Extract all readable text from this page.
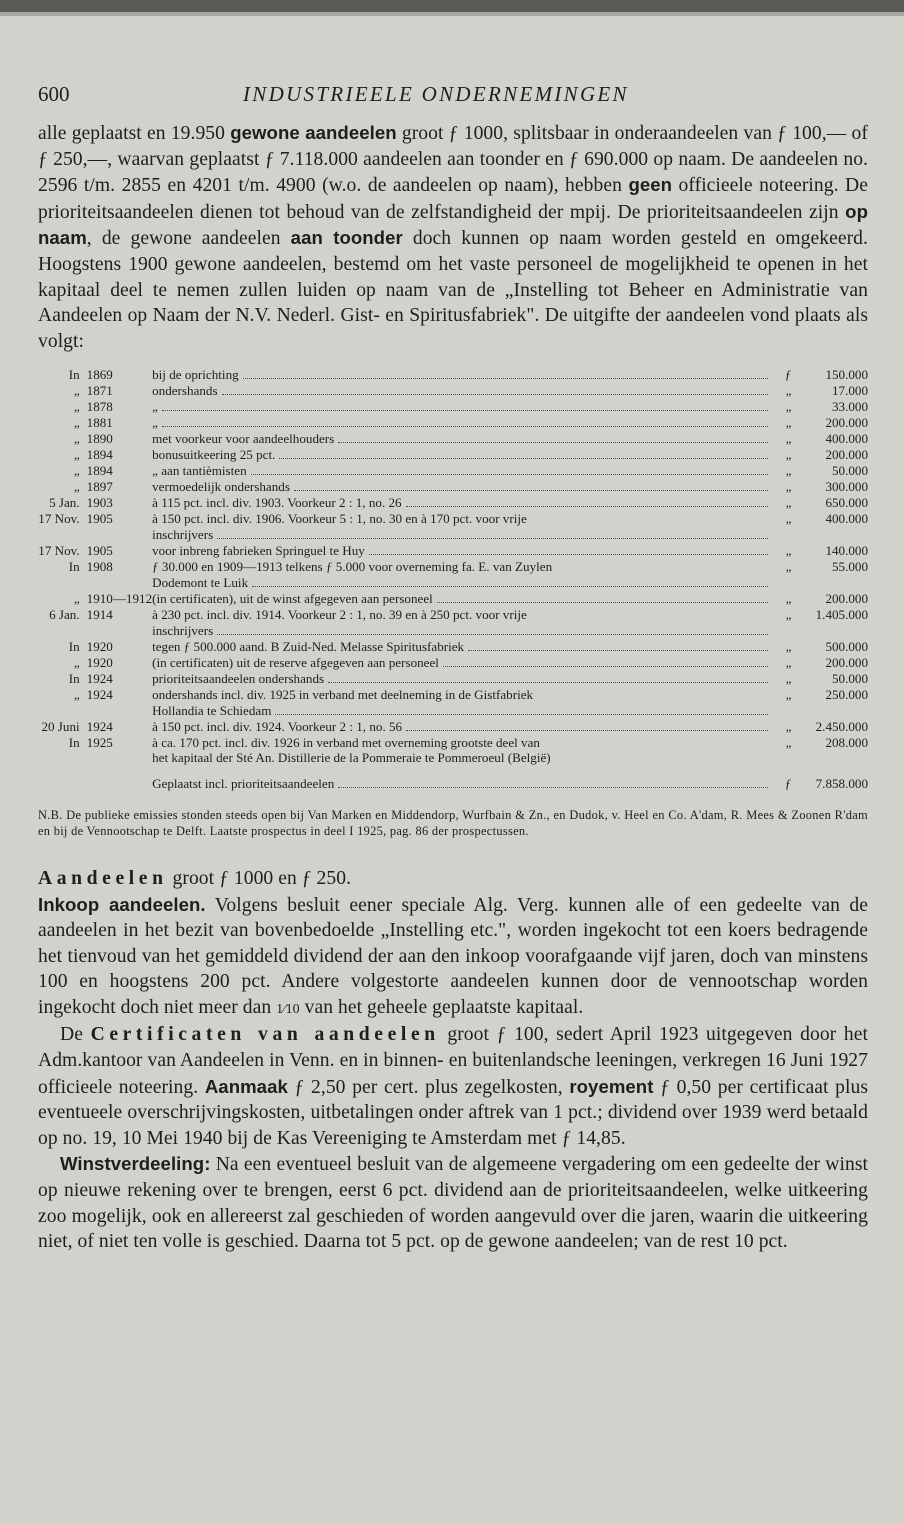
600	INDUSTRIEELE ONDERNEMINGEN

alle geplaatst en 19.950 gewone aandeelen groot ƒ 1000, splitsbaar in onderaandeelen van ƒ 100,— of ƒ 250,—, waarvan geplaatst ƒ 7.118.000 aandeelen aan toonder en ƒ 690.000 op naam. De aandeelen no. 2596 t/m. 2855 en 4201 t/m. 4900 (w.o. de aandeelen op naam), hebben geen officieele noteering. De prioriteitsaandeelen dienen tot behoud van de zelfstandigheid der mpij. De prioriteitsaandeelen zijn op naam, de gewone aandeelen aan toonder doch kunnen op naam worden gesteld en omgekeerd. Hoogstens 1900 gewone aandeelen, bestemd om het vaste personeel de mogelijkheid te openen in het kapitaal deel te nemen zullen luiden op naam van de „Instelling tot Beheer en Administratie van Aandeelen op Naam der N.V. Nederl. Gist- en Spiritusfabriek". De uitgifte der aandeelen vond plaats als volgt:

In	1869	bij de oprichting	ƒ	150.000
„	1871	ondershands	„	17.000
„	1878	„	„	33.000
„	1881	„	„	200.000
„	1890	met voorkeur voor aandeelhouders	„	400.000
„	1894	bonusuitkeering 25 pct.	„	200.000
„	1894	„ aan tantièmisten	„	50.000
„	1897	vermoedelijk ondershands	„	300.000
5 Jan.	1903	à 115 pct. incl. div. 1903. Voorkeur 2 : 1, no. 26	„	650.000
17 Nov.	1905	à 150 pct. incl. div. 1906. Voorkeur 5 : 1, no. 30 en à 170 pct. voor vrije
inschrijvers	„	400.000
17 Nov.	1905	voor inbreng fabrieken Springuel te Huy	„	140.000
In	1908	ƒ 30.000 en 1909—1913 telkens ƒ 5.000 voor overneming fa. E. van Zuylen
Dodemont te Luik	„	55.000
„	1910—1912	(in certificaten), uit de winst afgegeven aan personeel	„	200.000
6 Jan.	1914	à 230 pct. incl. div. 1914. Voorkeur 2 : 1, no. 39 en à 250 pct. voor vrije
inschrijvers	„	1.405.000
In	1920	tegen ƒ 500.000 aand. B Zuid-Ned. Melasse Spiritusfabriek	„	500.000
„	1920	(in certificaten) uit de reserve afgegeven aan personeel	„	200.000
In	1924	prioriteitsaandeelen ondershands	„	50.000
„	1924	ondershands incl. div. 1925 in verband met deelneming in de Gistfabriek
Hollandia te Schiedam	„	250.000
20 Juni	1924	à 150 pct. incl. div. 1924. Voorkeur 2 : 1, no. 56	„	2.450.000
In	1925	à ca. 170 pct. incl. div. 1926 in verband met overneming grootste deel van
het kapitaal der Sté An. Distillerie de la Pommeraie te Pommeroeul (België)	„	208.000

		Geplaatst incl. prioriteitsaandeelen	ƒ	7.858.000

N.B. De publieke emissies stonden steeds open bij Van Marken en Middendorp, Wurfbain & Zn., en Dudok, v. Heel en Co. A'dam, R. Mees & Zoonen R'dam en bij de Vennootschap te Delft. Laatste prospectus in deel I 1925, pag. 86 der prospectussen.

Aandeelen groot ƒ 1000 en ƒ 250.

Inkoop aandeelen. Volgens besluit eener speciale Alg. Verg. kunnen alle of een gedeelte van de aandeelen in het bezit van bovenbedoelde „Instelling etc.", worden ingekocht tot een koers bedragende het tienvoud van het gemiddeld dividend der aan den inkoop voorafgaande vijf jaren, doch van minstens 100 en hoogstens 200 pct. Andere volgestorte aandeelen kunnen door de vennootschap worden ingekocht doch niet meer dan 1⁄10 van het geheele geplaatste kapitaal.

De Certificaten van aandeelen groot ƒ 100, sedert April 1923 uitgegeven door het Adm.kantoor van Aandeelen in Venn. en in binnen- en buitenlandsche leeningen, verkregen 16 Juni 1927 officieele noteering. Aanmaak ƒ 2,50 per cert. plus zegelkosten, royement ƒ 0,50 per certificaat plus eventueele overschrijvingskosten, uitbetalingen onder aftrek van 1 pct.; dividend over 1939 werd betaald op no. 19, 10 Mei 1940 bij de Kas Vereeniging te Amsterdam met ƒ 14,85.

Winstverdeeling: Na een eventueel besluit van de algemeene vergadering om een gedeelte der winst op nieuwe rekening over te brengen, eerst 6 pct. dividend aan de prioriteitsaandeelen, welke uitkeering zoo mogelijk, ook en allereerst zal geschieden of worden aangevuld over die jaren, waarin die uitkeering niet, of niet ten volle is geschied. Daarna tot 5 pct. op de gewone aandeelen; van de rest 10 pct.
